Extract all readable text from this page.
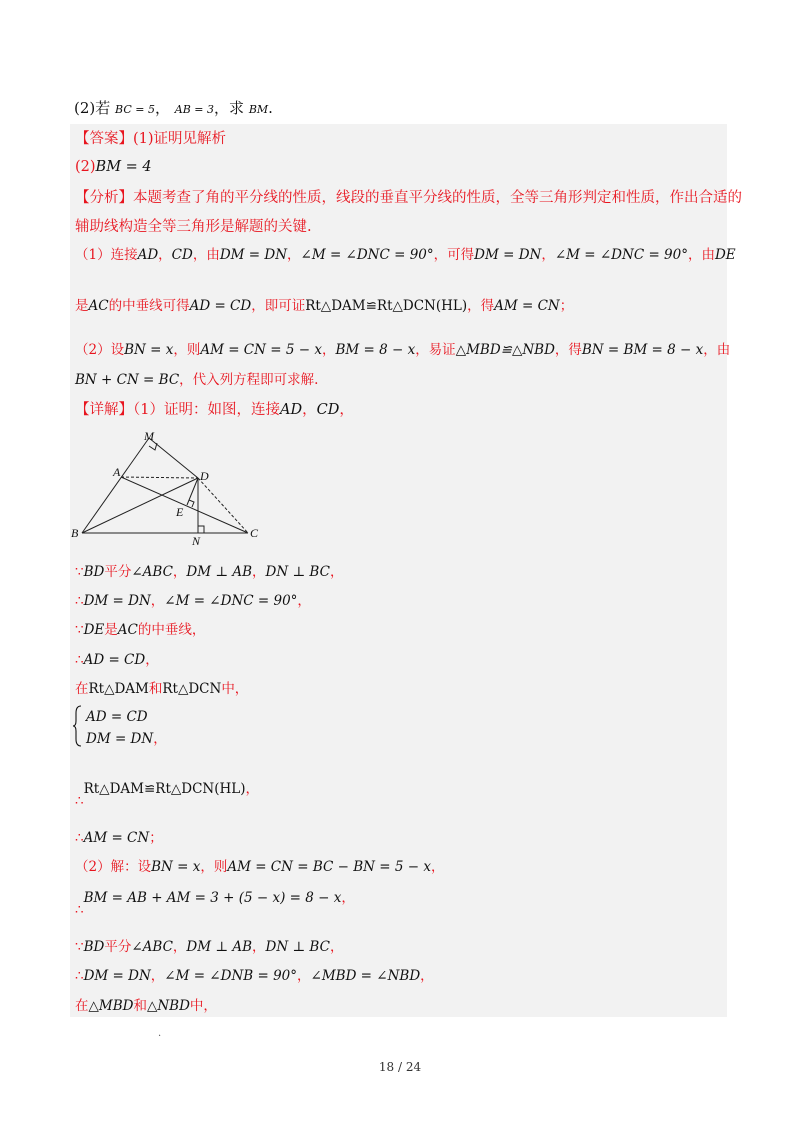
(2)若 BC = 5， AB = 3，求 BM.
【答案】(1)证明见解析
(2)BM = 4
【分析】本题考查了角的平分线的性质，线段的垂直平分线的性质，全等三角形判定和性质，作出合适的
辅助线构造全等三角形是解题的关键.
（1）连接AD，CD，由DM = DN，∠M = ∠DNC = 90°，可得DM = DN，∠M = ∠DNC = 90°，由DE
是AC的中垂线可得AD = CD，即可证Rt△DAM≌Rt△DCN(HL)，得AM = CN；
（2）设BN = x，则AM = CN = 5 − x，BM = 8 − x，易证△MBD≌△NBD，得BN = BM = 8 − x，由
BN + CN = BC，代入列方程即可求解.
【详解】（1）证明：如图，连接AD，CD，
M
A	D
E
B
N
C
∵BD平分∠ABC，DM ⊥ AB，DN ⊥ BC，
∴DM = DN，∠M = ∠DNC = 90°，
∵DE是AC的中垂线，
∴AD = CD，
在Rt△DAM和Rt△DCN中，
AD = CD
DM = DN，
∴Rt△DAM≌Rt△DCN(HL)，
∴AM = CN；
（2）解：设BN = x，则AM = CN = BC − BN = 5 − x，
∴BM = AB + AM = 3 + (5 − x) = 8 − x，
∵BD平分∠ABC，DM ⊥ AB，DN ⊥ BC，
∴DM = DN，∠M = ∠DNB = 90°，∠MBD = ∠NBD，
在△MBD和△NBD中，
.
18 / 24
